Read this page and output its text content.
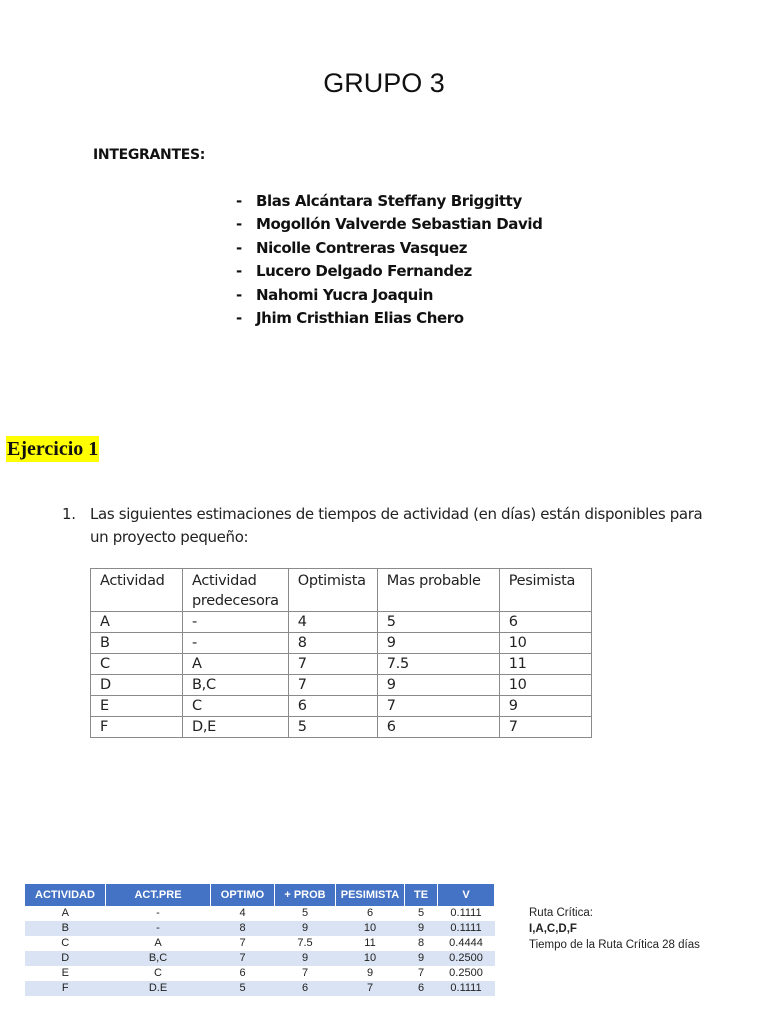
GRUPO 3
INTEGRANTES:
- Blas Alcántara Steffany Briggitty
- Mogollón Valverde Sebastian David
- Nicolle Contreras Vasquez
- Lucero Delgado Fernandez
- Nahomi Yucra Joaquin
- Jhim Cristhian Elias Chero
Ejercicio 1
1. Las siguientes estimaciones de tiempos de actividad (en días) están disponibles para un proyecto pequeño:
Actividad	Actividad predecesora	Optimista	Mas probable	Pesimista
A	-	4	5	6
B	-	8	9	10
C	A	7	7.5	11
D	B,C	7	9	10
E	C	6	7	9
F	D,E	5	6	7
ACTIVIDAD	ACT.PRE	OPTIMO	+ PROB	PESIMISTA	TE	V
A	-	4	5	6	5	0.1111
B	-	8	9	10	9	0.1111
C	A	7	7.5	11	8	0.4444
D	B,C	7	9	10	9	0.2500
E	C	6	7	9	7	0.2500
F	D.E	5	6	7	6	0.1111
Ruta Crítica:
I,A,C,D,F
Tiempo de la Ruta Crítica 28 días
